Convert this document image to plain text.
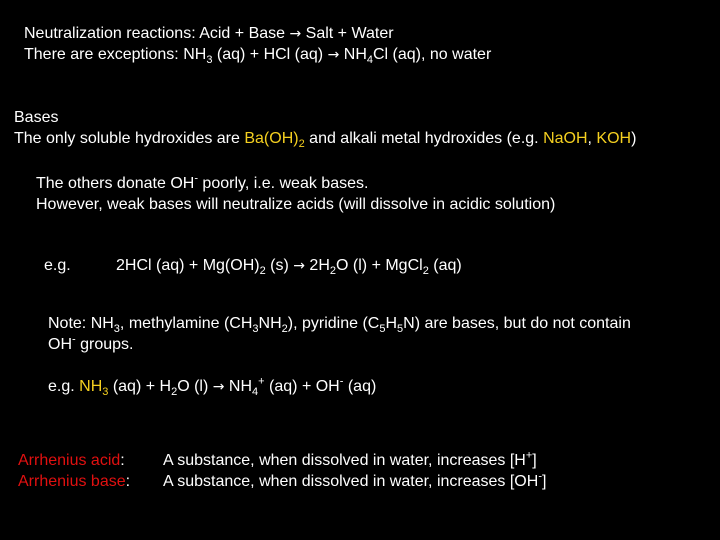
Neutralization reactions: Acid + Base → Salt + Water
There are exceptions: $NH_3$ (aq) + HCl $(aq) \to NH_4Cl$ (aq), no water
Bases
The only soluble hydroxides are $Ba(OH)_2$ and alkali metal hydroxides (e.g. NaOH, KOH)
The others donate OH- poorly, i.e. weak bases.
However, weak bases will neutralize acids (will dissolve in acidic solution)
e.g.	2HCl $(aq) + Mg(OH)_2$ $(s) \to 2H_2O$ (l) + MgCl$_2$ (aq)
Note: $NH_3$, methylamine $(CH_3NH_2)$, pyridine $(C_5H_5N)$ are bases, but do not contain
OH- groups.
e.g. $NH_3$ $(aq) + H_2O$ $(l) \to NH_4^+$ (aq) + OH- (aq)
Arrhenius acid: A substance, when dissolved in water, increases [H+]
Arrhenius base: A substance, when dissolved in water, increases [OH-]
